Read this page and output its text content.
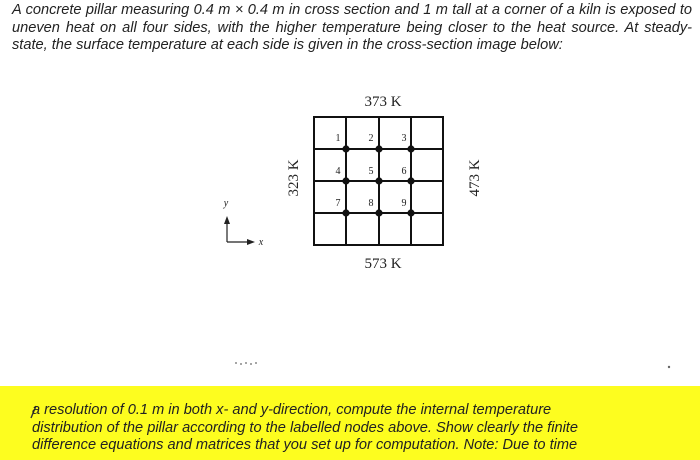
A concrete pillar measuring 0.4 m × 0.4 m in cross section and 1 m tall at a corner of a kiln is exposed to uneven heat on all four sides, with the higher temperature being closer to the heat source. At steady-state, the surface temperature at each side is given in the cross-section image below:

373 K
573 K
323 K	473 K
1	2	3
4	5	6
7	8	9
y
x

a resolution of 0.1 m in both x- and y-direction, compute the internal temperature
distribution of the pillar according to the labelled nodes above. Show clearly the finite
difference equations and matrices that you set up for computation. Note: Due to time
